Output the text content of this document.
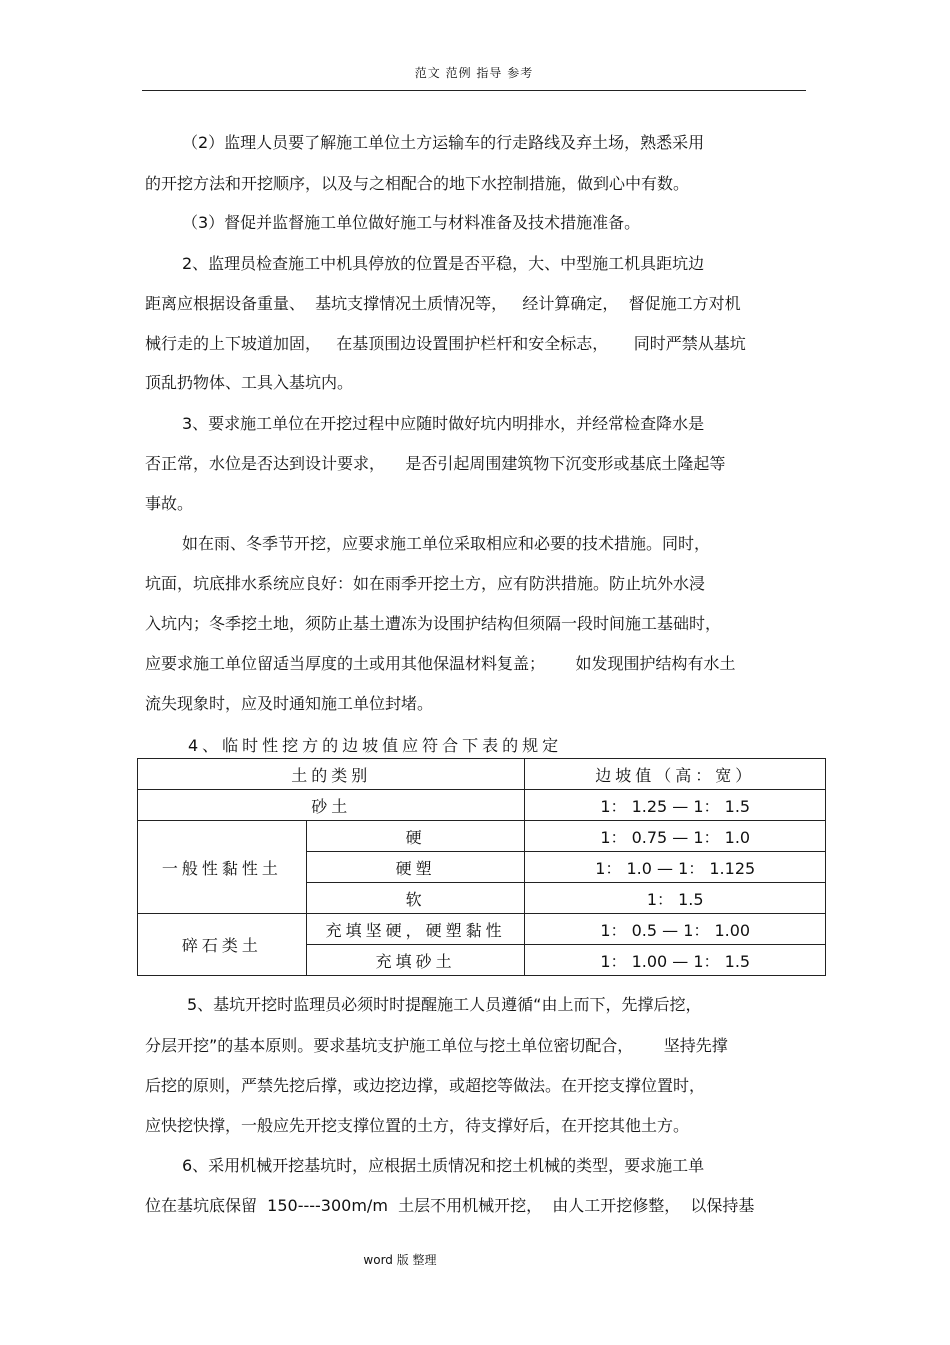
范文 范例 指导 参考
（2）监理人员要了解施工单位土方运输车的行走路线及弃土场，熟悉采用
的开挖方法和开挖顺序，以及与之相配合的地下水控制措施，做到心中有数。
（3）督促并监督施工单位做好施工与材料准备及技术措施准备。
2、监理员检查施工中机具停放的位置是否平稳，大、中型施工机具距坑边
距离应根据设备重量、  基坑支撑情况土质情况等，   经计算确定，  督促施工方对机
械行走的上下坡道加固，   在基顶围边设置围护栏杆和安全标志，     同时严禁从基坑
顶乱扔物体、工具入基坑内。
3、要求施工单位在开挖过程中应随时做好坑内明排水，并经常检查降水是
否正常，水位是否达到设计要求，    是否引起周围建筑物下沉变形或基底土隆起等
事故。
如在雨、冬季节开挖，应要求施工单位采取相应和必要的技术措施。同时，
坑面，坑底排水系统应良好：如在雨季开挖土方，应有防洪措施。防止坑外水浸
入坑内；冬季挖土地，须防止基土遭冻为设围护结构但须隔一段时间施工基础时，
应要求施工单位留适当厚度的土或用其他保温材料复盖；      如发现围护结构有水土
流失现象时，应及时通知施工单位封堵。
4、临时性挖方的边坡值应符合下表的规定
土的类别		边坡值（高：宽）
砂土		1： 1.25 — 1： 1.5
一般性黏性土	硬	1： 0.75 — 1： 1.0
	硬塑	1： 1.0 — 1： 1.125
	软	1： 1.5
碎石类土	充填坚硬，硬塑黏性	1： 0.5 — 1： 1.00
	充填砂土	1： 1.00 — 1： 1.5
5、基坑开挖时监理员必须时时提醒施工人员遵循“由上而下，先撑后挖，
分层开挖”的基本原则。要求基坑支护施工单位与挖土单位密切配合，      坚持先撑
后挖的原则，严禁先挖后撑，或边挖边撑，或超挖等做法。在开挖支撑位置时，
应快挖快撑，一般应先开挖支撑位置的土方，待支撑好后，在开挖其他土方。
6、采用机械开挖基坑时，应根据土质情况和挖土机械的类型，要求施工单
位在基坑底保留  150----300m/m  土层不用机械开挖，  由人工开挖修整，  以保持基
word 版 整理
